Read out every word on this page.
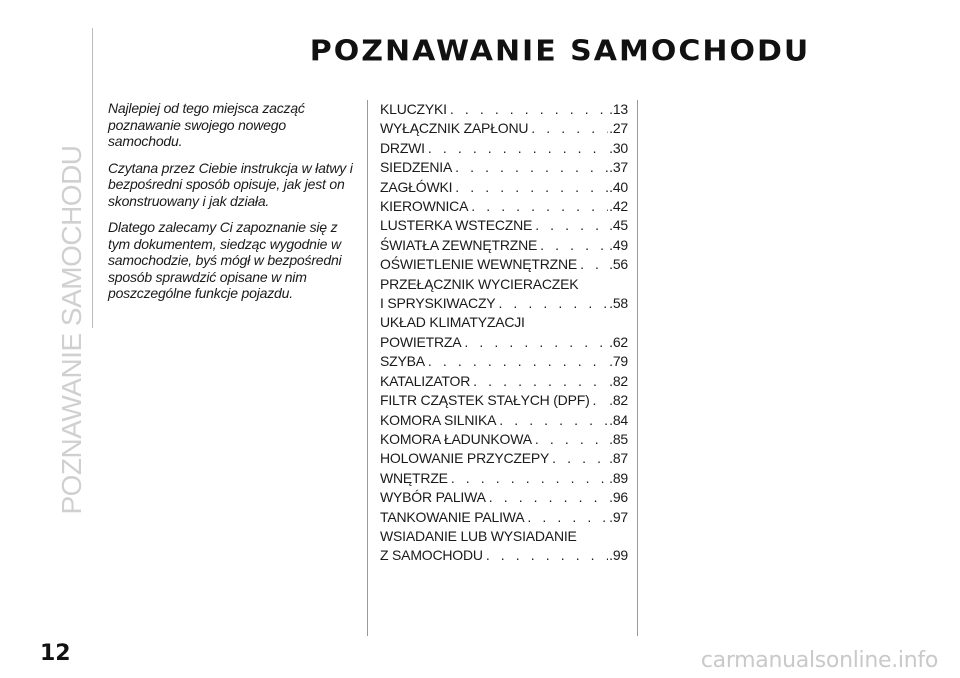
POZNAWANIE SAMOCHODU
POZNAWANIE SAMOCHODU

Najlepiej od tego miejsca zacząć poznawanie swojego nowego samochodu.

Czytana przez Ciebie instrukcja w łatwy i bezpośredni sposób opisuje, jak jest on skonstruowany i jak działa.

Dlatego zalecamy Ci zapoznanie się z tym dokumentem, siedząc wygodnie w samochodzie, byś mógł w bezpośredni sposób sprawdzić opisane w nim poszczególne funkcje pojazdu.

KLUCZYKI . . .	.13
WYŁĄCZNIK ZAPŁONU . . .	.27
DRZWI . . .	.30
SIEDZENIA . . .	.37
ZAGŁÓWKI . . .	.40
KIEROWNICA . . .	.42
LUSTERKA WSTECZNE . . .	.45
ŚWIATŁA ZEWNĘTRZNE . . .	.49
OŚWIETLENIE WEWNĘTRZNE . . . .56
PRZEŁĄCZNIK WYCIERACZEK
I SPRYSKIWACZY . . .	.58
UKŁAD KLIMATYZACJI
POWIETRZA . . .	.62
SZYBA . . .	.79
KATALIZATOR . . .	.82
FILTR CZĄSTEK STAŁYCH (DPF) . . . .82
KOMORA SILNIKA . . .	.84
KOMORA ŁADUNKOWA . . .	.85
HOLOWANIE PRZYCZEPY . . .	.87
WNĘTRZE . . .	.89
WYBÓR PALIWA . . .	.96
TANKOWANIE PALIWA . . .	.97
WSIADANIE LUB WYSIADANIE
Z SAMOCHODU . . .	.99
12	carmanualsonline.info
